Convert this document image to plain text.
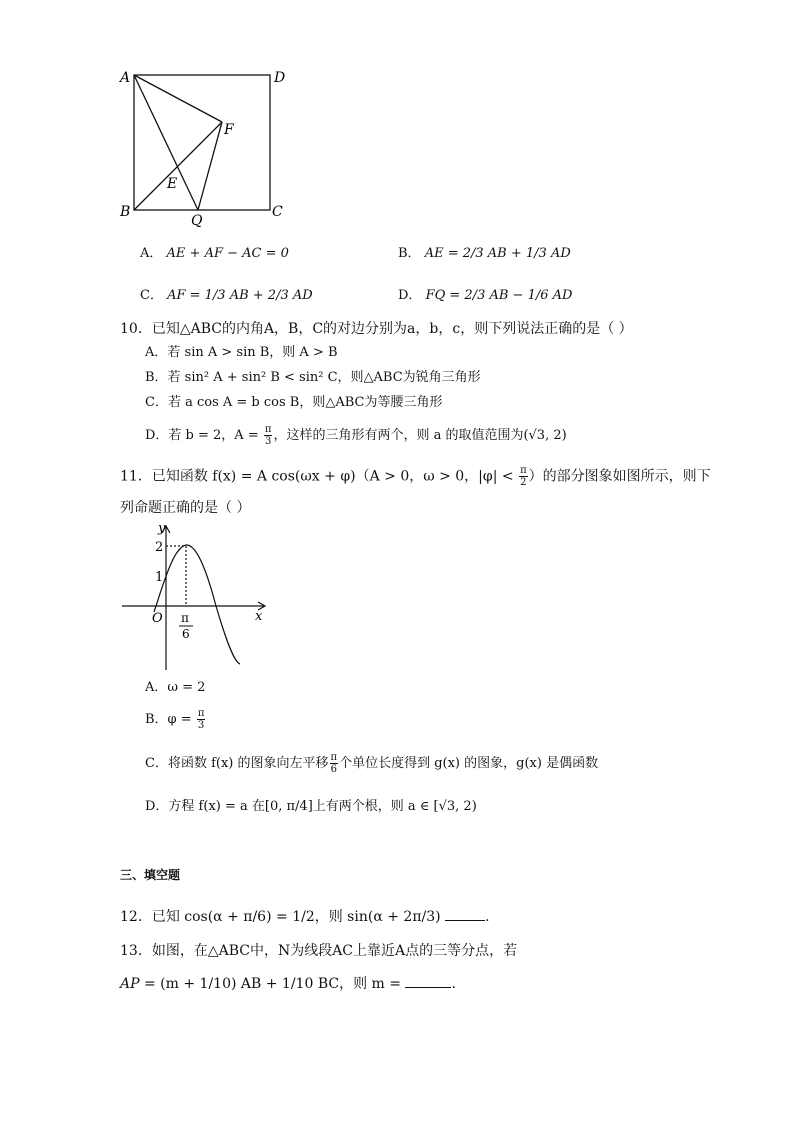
A	D
B	C
F
E
Q
A． AE + AF − AC = 0	B． AE = 2/3 AB + 1/3 AD
C． AF = 1/3 AB + 2/3 AD	D． FQ = 2/3 AB − 1/6 AD
10．已知△ABC的内角A，B，C的对边分别为a，b，c，则下列说法正确的是（ ）
A．若 sin A > sin B，则 A > B
B．若 sin² A + sin² B < sin² C，则△ABC为锐角三角形
C．若 a cos A = b cos B，则△ABC为等腰三角形
D．若 b = 2，$A = \frac{\pi}{3}$ ，这样的三角形有两个，则 a 的取值范围为(√3, 2)
11．已知函数 f(x) = A cos(ωx + φ)（A > 0，ω > 0，$|\varphi| < \frac{\pi}{2}$ ）的部分图象如图所示，则下
列命题正确的是（ ）
y
x
O
2
1
π
6
A．ω = 2
B．$\varphi = \frac{\pi}{3}$
C．将函数 f(x) 的图象向左平移 $\frac{\pi}{6}$ 个单位长度得到 g(x) 的图象，g(x) 是偶函数
D．方程 f(x) = a 在[0, π/4]上有两个根，则 a ∈ [√3, 2)
三、填空题
12．已知 cos(α + π/6) = 1/2，则 sin(α + 2π/3)	.
13．如图，在△ABC中，N为线段AC上靠近A点的三等分点，若
AP = (m + 1/10) AB + 1/10 BC，则 m =	.
